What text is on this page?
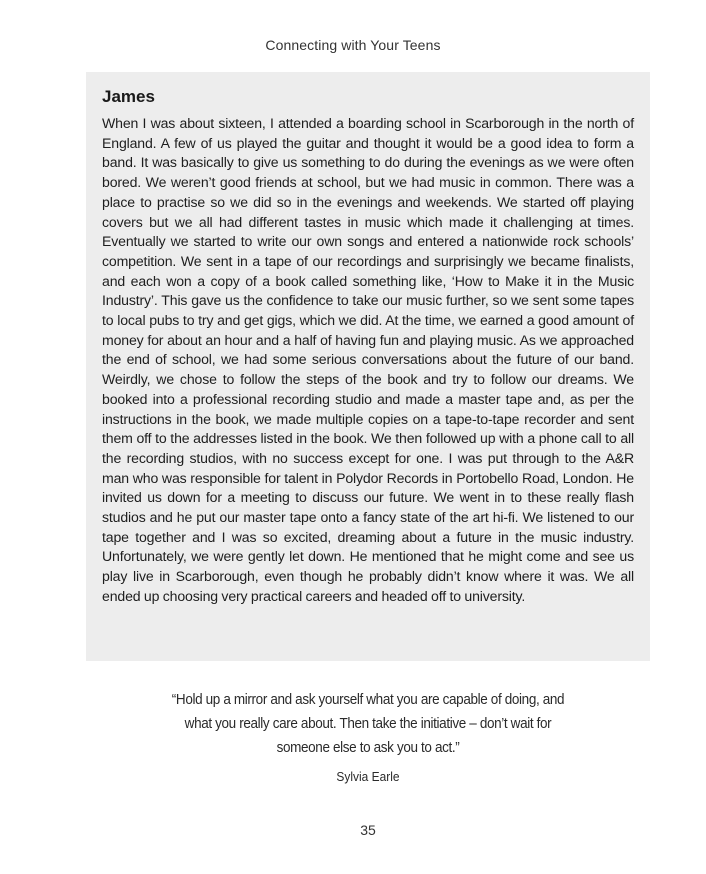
Connecting with Your Teens
James

When I was about sixteen, I attended a boarding school in Scarborough in the north of England. A few of us played the guitar and thought it would be a good idea to form a band. It was basically to give us something to do during the evenings as we were often bored. We weren’t good friends at school, but we had music in common. There was a place to practise so we did so in the evenings and weekends. We started off playing covers but we all had different tastes in music which made it challenging at times. Eventually we started to write our own songs and entered a nationwide rock schools’ competition. We sent in a tape of our recordings and surprisingly we became finalists, and each won a copy of a book called something like, ‘How to Make it in the Music Industry’. This gave us the confidence to take our music further, so we sent some tapes to local pubs to try and get gigs, which we did. At the time, we earned a good amount of money for about an hour and a half of having fun and playing music. As we approached the end of school, we had some serious conversations about the future of our band. Weirdly, we chose to follow the steps of the book and try to follow our dreams. We booked into a professional recording studio and made a master tape and, as per the instructions in the book, we made multiple copies on a tape-to-tape recorder and sent them off to the addresses listed in the book. We then followed up with a phone call to all the recording studios, with no success except for one. I was put through to the A&R man who was responsible for talent in Polydor Records in Portobello Road, London. He invited us down for a meeting to discuss our future. We went in to these really flash studios and he put our master tape onto a fancy state of the art hi-fi. We listened to our tape together and I was so excited, dreaming about a future in the music industry. Unfortunately, we were gently let down. He mentioned that he might come and see us play live in Scarborough, even though he probably didn’t know where it was. We all ended up choosing very practical careers and headed off to university.

“Hold up a mirror and ask yourself what you are capable of doing, and what you really care about. Then take the initiative – don’t wait for someone else to ask you to act.”
Sylvia Earle
35
